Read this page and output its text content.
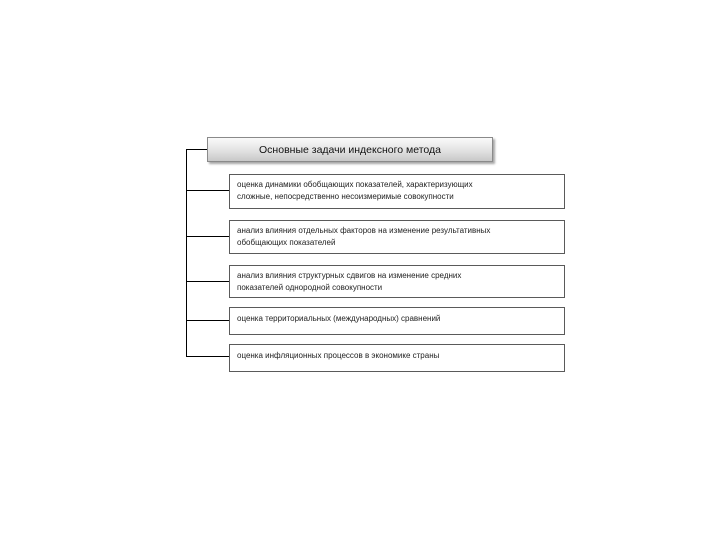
Основные задачи индексного метода
оценка динамики обобщающих показателей, характеризующих
сложные, непосредственно несоизмеримые совокупности
анализ влияния отдельных факторов на изменение результативных
обобщающих показателей
анализ влияния структурных сдвигов на изменение средних
показателей однородной совокупности
оценка территориальных (международных) сравнений
оценка инфляционных процессов в экономике страны
